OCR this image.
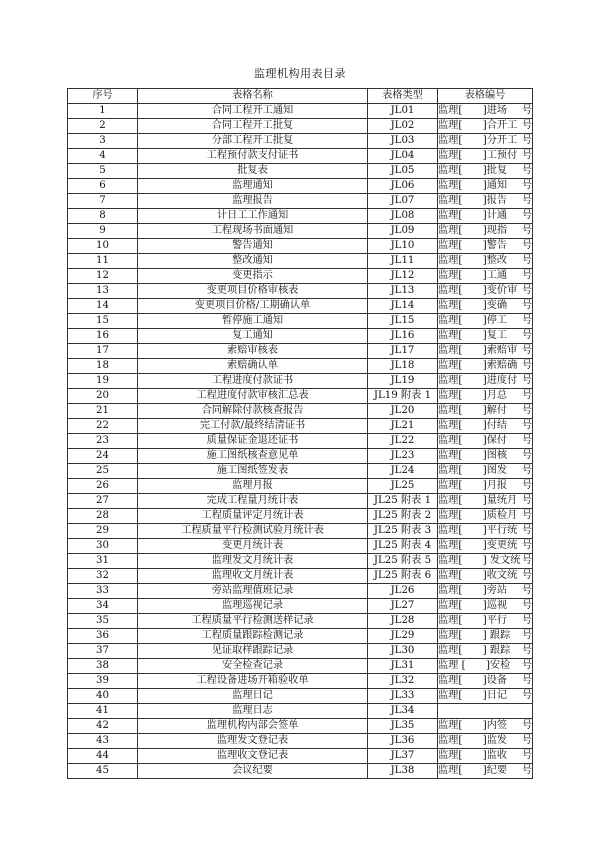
监理机构用表目录
序号	表格名称	表格类型	表格编号
1	合同工程开工通知	JL01	监理[　　]进场 号

2	合同工程开工批复	JL02	监理[　　]合开工 号

3	分部工程开工批复	JL03	监理[　　]分开工 号

4	工程预付款支付证书	JL04	监理[　　]工预付 号

5	批复表	JL05	监理[　　]批复 号

6	监理通知	JL06	监理[　　]通知 号

7	监理报告	JL07	监理[　　]报告 号

8	计日工工作通知	JL08	监理[　　]计通 号

9	工程现场书面通知	JL09	监理[　　]现指 号

10	警告通知	JL10	监理[　　]警告 号

11	整改通知	JL11	监理[　　]整改 号

12	变更指示	JL12	监理[　　]工通 号

13	变更项目价格审核表	JL13	监理[　　]变价审 号

14	变更项目价格/工期确认单	JL14	监理[　　]变确 号

15	暂停施工通知	JL15	监理[　　]停工 号

16	复工通知	JL16	监理[　　]复工 号

17	索赔审核表	JL17	监理[　　]索赔审 号

18	索赔确认单	JL18	监理[　　]索赔确 号

19	工程进度付款证书	JL19	监理[　　]进度付 号

20	工程进度付款审核汇总表	JL19 附表 1	监理[　　]月总 号

21	合同解除付款核查报告	JL20	监理[　　]解付 号

22	完工付款/最终结清证书	JL21	监理[　　]付结 号

23	质量保证金退还证书	JL22	监理[　　]保付 号

24	施工图纸核查意见单	JL23	监理[　　]图核 号

25	施工图纸签发表	JL24	监理[　　]图发 号

26	监理月报	JL25	监理[　　]月报 号

27	完成工程量月统计表	JL25 附表 1	监理[　　]量统月 号

28	工程质量评定月统计表	JL25 附表 2	监理[　　]质检月 号

29	工程质量平行检测试验月统计表	JL25 附表 3	监理[　　]平行统 号

30	变更月统计表	JL25 附表 4	监理[　　]变更统 号

31	监理发文月统计表	JL25 附表 5	监理[　　] 发文统 号

32	监理收文月统计表	JL25 附表 6	监理[　　]收文统 号

33	旁站监理值班记录	JL26	监理[　　]旁站 号

34	监理巡视记录	JL27	监理[　　]巡视 号

35	工程质量平行检测送样记录	JL28	监理[　　]平行 号

36	工程质量跟踪检测记录	JL29	监理[　　] 跟踪 号

37	见证取样跟踪记录	JL30	监理[　　] 跟踪 号

38	安全检查记录	JL31	监理 [　　]安检 号

39	工程设备进场开箱验收单	JL32	监理[　　]设备 号

40	监理日记	JL33	监理[　　]日记 号

41	监理日志	JL34	

42	监理机构内部会签单	JL35	监理[　　]内签 号

43	监理发文登记表	JL36	监理[　　]监发 号

44	监理收文登记表	JL37	监理[　　]监收 号

45	会议纪要	JL38	监理[　　]纪要 号
